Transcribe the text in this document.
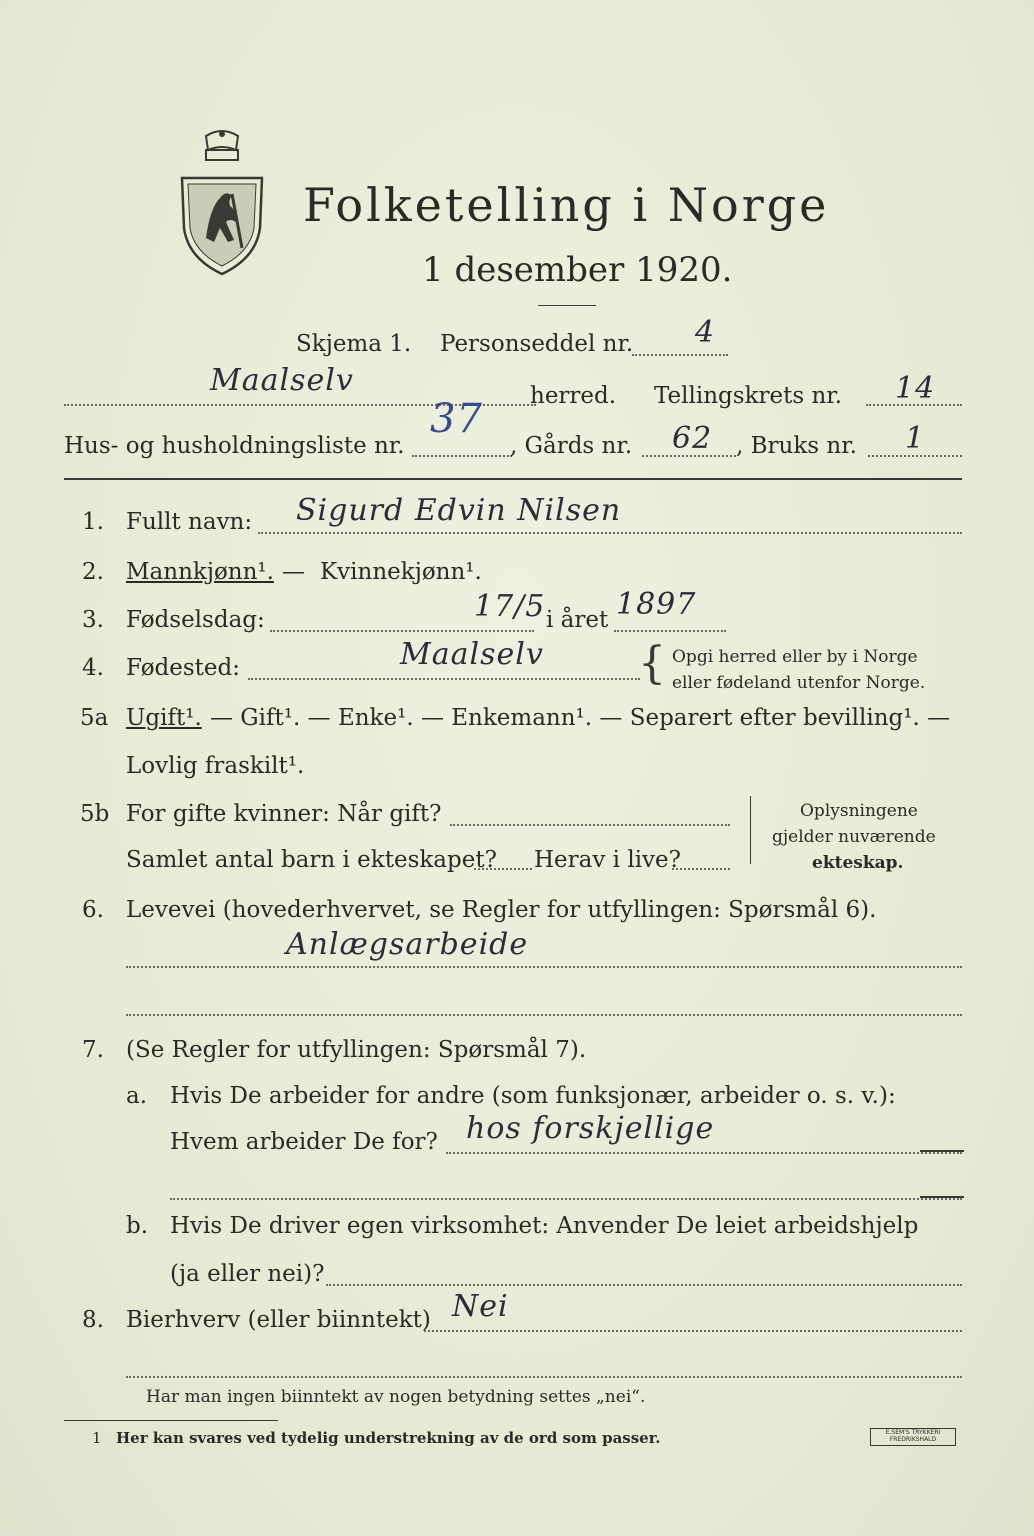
Folketelling i Norge
1 desember 1920.
Skjema 1. Personseddel nr. 4
Maalselv	herred. Tellingskrets nr. 14
Hus- og husholdningsliste nr.
37
, Gårds nr. 62 , Bruks nr. 1
1. Fullt navn: Sigurd Edvin Nilsen
2. Mannkjønn¹. — Kvinnekjønn¹.
3. Fødselsdag:	17/5 i året 1897
4. Fødested:	Maalselv { Opgi herred eller by i Norge
eller fødeland utenfor Norge.
5a Ugift¹. — Gift¹. — Enke¹. — Enkemann¹. — Separert efter bevilling¹. —
Lovlig fraskilt¹.
5b For gifte kvinner: Når gift?
Samlet antal barn i ekteskapet? Herav i live?
Oplysningene
gjelder nuværende
ekteskap.
6. Levevei (hovederhvervet, se Regler for utfyllingen: Spørsmål 6).
Anlægsarbeide
7. (Se Regler for utfyllingen: Spørsmål 7).
a. Hvis De arbeider for andre (som funksjonær, arbeider o. s. v.):
Hvem arbeider De for? hos forskjellige
b. Hvis De driver egen virksomhet: Anvender De leiet arbeidshjelp
(ja eller nei)?
8. Bierhverv (eller biinntekt) Nei
Har man ingen biinntekt av nogen betydning settes „nei“.
1 Her kan svares ved tydelig understrekning av de ord som passer.	E.SEM'S TRYKKERI FREDRIKSHALD
